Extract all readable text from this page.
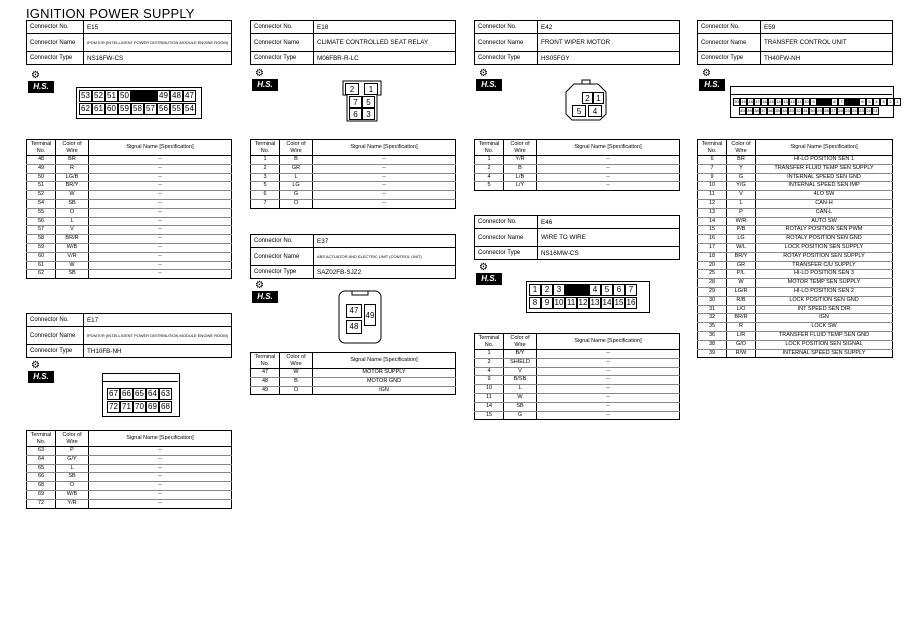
IGNITION POWER SUPPLY
Connector No.	E15
Connector Name	IPDM E/R (INTELLIGENT POWER DISTRIBUTION MODULE ENGINE ROOM)
Connector Type	NS16FW-CS
⚙
H.S.
53 52 51 50	49 48 47
62 61 60 59 58 57 56 55 54
Terminal No.	Color of Wire	Signal Name [Specification]
48	BR	–
49	R	–
50	LG/B	–
51	BR/Y	–
52	W	–
54	SB	–
55	O	–
56	L	–
57	V	–
58	BR/R	–
59	W/B	–
60	V/R	–
61	W	–
62	SB	–
Connector No.	E17
Connector Name	IPDM E/R (INTELLIGENT POWER DISTRIBUTION MODULE ENGINE ROOM)
Connector Type	TH10FB-NH
⚙
H.S.
67 66 65 64 63
72 71 70 69 68
Terminal No.	Color of Wire	Signal Name [Specification]
63	P	–
64	G/Y	–
65	L	–
66	SB	–
68	O	–
69	W/B	–
72	Y/R	–
Connector No.	E18
Connector Name	CLIMATE CONTROLLED SEAT RELAY
Connector Type	M06FBR-R-LC
⚙
H.S.
2	1
7	5
6	3
Terminal No.	Color of Wire	Signal Name [Specification]
1	B	–
2	GR	–
3	L	–
5	LG	–
6	G	–
7	O	–
Connector No.	E37
Connector Name	ABS ACTUATOR AND ELECTRIC UNIT (CONTROL UNIT)
Connector Type	SAZ02FB-SJZ2
⚙
H.S.
47
49
48
Terminal No.	Color of Wire	Signal Name [Specification]
47	W	MOTOR SUPPLY
48	B	MOTOR GND
49	O	IGN
Connector No.	E42
Connector Name	FRONT WIPER MOTOR
Connector Type	HS05FGY
⚙
H.S.
2 1
5	4
Terminal No.	Color of Wire	Signal Name [Specification]
1	Y/R	–
2	B	–
4	L/B	–
5	L/Y	–
Connector No.	E46
Connector Name	WIRE TO WIRE
Connector Type	NS16MW-CS
⚙
H.S.
1 2 3	4 5 6 7
8 9 10 11 12 13 14 15 16
Terminal No.	Color of Wire	Signal Name [Specification]
1	B/Y	–
2	SHIELD	–
4	V	–
9	B/SB	–
10	L	–
11	W	–
14	SB	–
15	G	–
Connector No.	E59
Connector Name	TRANSFER CONTROL UNIT
Connector Type	TH40FW-NH
⚙
H.S.
20 19 18 17 16 15 14 13 12 11 10 9	8	7	6	5	4	3	2	1
40 39 38 37 36 35 34 33 32 31 30 29 28 27 26 25 24 23 22 21
Terminal No.	Color of Wire	Signal Name [Specification]
6	BR	HI-LO POSITION SEN 1
7	Y	TRANSFER FLUID TEMP SEN SUPPLY
9	G	INTERNAL SPEED SEN GND
10	Y/G	INTERNAL SPEED SEN IMP
11	V	4LO SW
12	L	CAN-H
13	P	CAN-L
14	W/R	AUTO SW
15	P/B	ROTALY POSITION SEN PWM
16	LG	ROTALY POSITION SEN GND
17	W/L	LOCK POSITION SEN SUPPLY
18	BR/Y	ROTAY POSITION SEN SUPPLY
20	GR	TRANSFER C/U SUPPLY
25	P/L	HI-LO POSITION SEN 3
28	W	MOTOR TEMP SEN SUPPLY
29	LG/R	HI-LO POSITION SEN 2
30	R/B	LOCK POSITION SEN GND
31	L/O	INT SPEED SEN DIR
32	BR/R	IGN
35	R	LOCK SW
36	L/R	TRANSFER FLUID TEMP SEN GND
38	G/O	LOCK POSITION SEN SIGNAL
39	R/W	INTERNAL SPEED SEN SUPPLY
